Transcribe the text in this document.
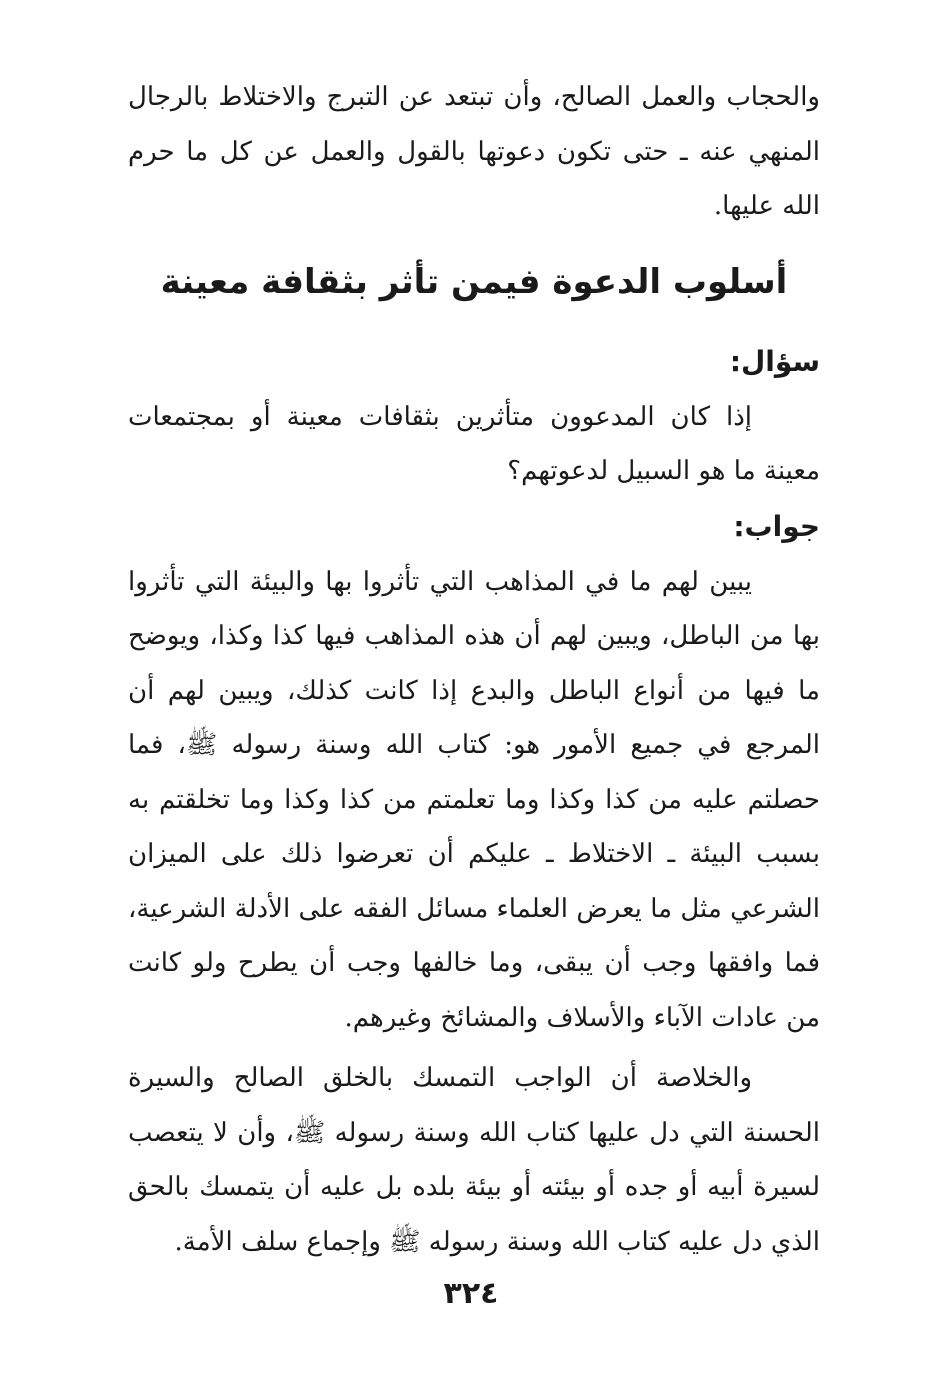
والحجاب والعمل الصالح، وأن تبتعد عن التبرج والاختلاط بالرجال المنهي عنه ـ حتى تكون دعوتها بالقول والعمل عن كل ما حرم الله عليها.

أسلوب الدعوة فيمن تأثر بثقافة معينة

سؤال:

إذا كان المدعوون متأثرين بثقافات معينة أو بمجتمعات معينة ما هو السبيل لدعوتهم؟

جواب:

يبين لهم ما في المذاهب التي تأثروا بها والبيئة التي تأثروا بها من الباطل، ويبين لهم أن هذه المذاهب فيها كذا وكذا، ويوضح ما فيها من أنواع الباطل والبدع إذا كانت كذلك، ويبين لهم أن المرجع في جميع الأمور هو: كتاب الله وسنة رسوله ﷺ، فما حصلتم عليه من كذا وكذا وما تعلمتم من كذا وكذا وما تخلقتم به بسبب البيئة ـ الاختلاط ـ عليكم أن تعرضوا ذلك على الميزان الشرعي مثل ما يعرض العلماء مسائل الفقه على الأدلة الشرعية، فما وافقها وجب أن يبقى، وما خالفها وجب أن يطرح ولو كانت من عادات الآباء والأسلاف والمشائخ وغيرهم.

والخلاصة أن الواجب التمسك بالخلق الصالح والسيرة الحسنة التي دل عليها كتاب الله وسنة رسوله ﷺ، وأن لا يتعصب لسيرة أبيه أو جده أو بيئته أو بيئة بلده بل عليه أن يتمسك بالحق الذي دل عليه كتاب الله وسنة رسوله ﷺ وإجماع سلف الأمة.

٣٢٤
